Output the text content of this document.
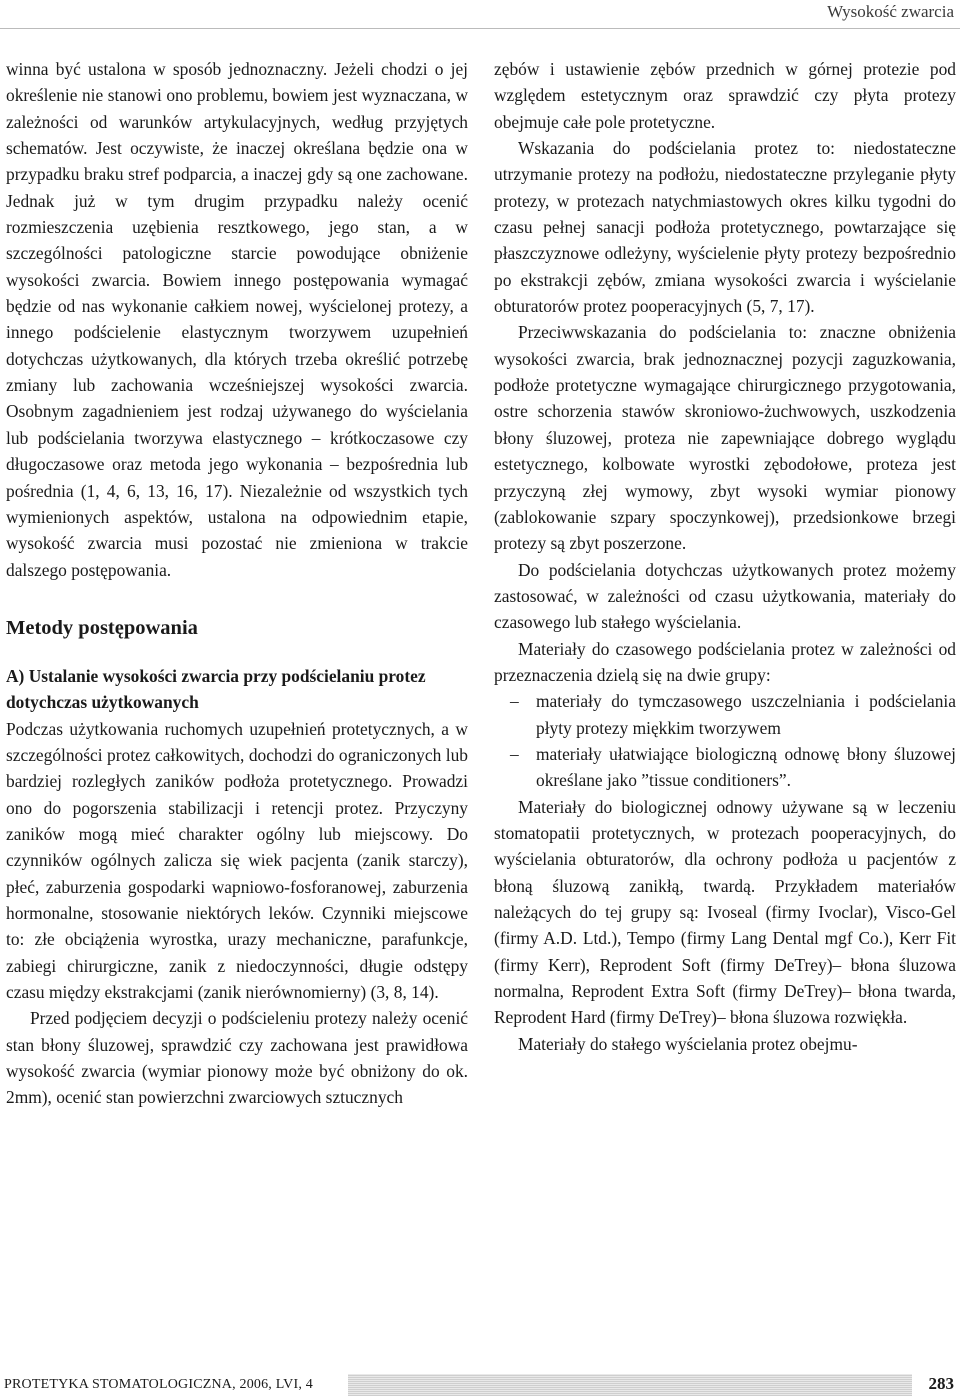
Wysokość zwarcia

winna być ustalona w sposób jednoznaczny. Jeżeli chodzi o jej określenie nie stanowi ono problemu, bowiem jest wyznaczana, w zależności od warunków artykulacyjnych, według przyjętych schematów. Jest oczywiste, że inaczej określana będzie ona w przypadku braku stref podparcia, a inaczej gdy są one zachowane. Jednak już w tym drugim przypadku należy ocenić rozmieszczenia uzębienia resztkowego, jego stan, a w szczególności patologiczne starcie powodujące obniżenie wysokości zwarcia. Bowiem innego postępowania wymagać będzie od nas wykonanie całkiem nowej, wyścielonej protezy, a innego podścielenie elastycznym tworzywem uzupełnień dotychczas użytkowanych, dla których trzeba określić potrzebę zmiany lub zachowania wcześniejszej wysokości zwarcia. Osobnym zagadnieniem jest rodzaj używanego do wyścielania lub podścielania tworzywa elastycznego – krótkoczasowe czy długoczasowe oraz metoda jego wykonania – bezpośrednia lub pośrednia (1, 4, 6, 13, 16, 17). Niezależnie od wszystkich tych wymienionych aspektów, ustalona na odpowiednim etapie, wysokość zwarcia musi pozostać nie zmieniona w trakcie dalszego postępowania.

Metody postępowania
A) Ustalanie wysokości zwarcia przy podścielaniu protez dotychczas użytkowanych

Podczas użytkowania ruchomych uzupełnień protetycznych, a w szczególności protez całkowitych, dochodzi do ograniczonych lub bardziej rozległych zaników podłoża protetycznego. Prowadzi ono do pogorszenia stabilizacji i retencji protez. Przyczyny zaników mogą mieć charakter ogólny lub miejscowy. Do czynników ogólnych zalicza się wiek pacjenta (zanik starczy), płeć, zaburzenia gospodarki wapniowo-fosforanowej, zaburzenia hormonalne, stosowanie niektórych leków. Czynniki miejscowe to: złe obciążenia wyrostka, urazy mechaniczne, parafunkcje, zabiegi chirurgiczne, zanik z niedoczynności, długie odstępy czasu między ekstrakcjami (zanik nierównomierny) (3, 8, 14).

Przed podjęciem decyzji o podścieleniu protezy należy ocenić stan błony śluzowej, sprawdzić czy zachowana jest prawidłowa wysokość zwarcia (wymiar pionowy może być obniżony do ok. 2mm), ocenić stan powierzchni zwarciowych sztucznych

zębów i ustawienie zębów przednich w górnej protezie pod względem estetycznym oraz sprawdzić czy płyta protezy obejmuje całe pole protetyczne.

Wskazania do podścielania protez to: niedostateczne utrzymanie protezy na podłożu, niedostateczne przyleganie płyty protezy, w protezach natychmiastowych okres kilku tygodni do czasu pełnej sanacji podłoża protetycznego, powtarzające się płaszczyznowe odleżyny, wyścielenie płyty protezy bezpośrednio po ekstrakcji zębów, zmiana wysokości zwarcia i wyścielanie obturatorów protez pooperacyjnych (5, 7, 17).

Przeciwwskazania do podścielania to: znaczne obniżenia wysokości zwarcia, brak jednoznacznej pozycji zaguzkowania, podłoże protetyczne wymagające chirurgicznego przygotowania, ostre schorzenia stawów skroniowo-żuchwowych, uszkodzenia błony śluzowej, proteza nie zapewniające dobrego wyglądu estetycznego, kolbowate wyrostki zębodołowe, proteza jest przyczyną złej wymowy, zbyt wysoki wymiar pionowy (zablokowanie szpary spoczynkowej), przedsionkowe brzegi protezy są zbyt poszerzone.

Do podścielania dotychczas użytkowanych protez możemy zastosować, w zależności od czasu użytkowania, materiały do czasowego lub stałego wyścielania.

Materiały do czasowego podścielania protez w zależności od przeznaczenia dzielą się na dwie grupy:

– materiały do tymczasowego uszczelniania i podścielania płyty protezy miękkim tworzywem
– materiały ułatwiające biologiczną odnowę błony śluzowej określane jako ”tissue conditioners”.

Materiały do biologicznej odnowy używane są w leczeniu stomatopatii protetycznych, w protezach pooperacyjnych, do wyścielania obturatorów, dla ochrony podłoża u pacjentów z błoną śluzową zanikłą, twardą. Przykładem materiałów należących do tej grupy są: Ivoseal (firmy Ivoclar), Visco-Gel (firmy A.D. Ltd.), Tempo (firmy Lang Dental mgf Co.), Kerr Fit (firmy Kerr), Reprodent Soft (firmy DeTrey)– błona śluzowa normalna, Reprodent Extra Soft (firmy DeTrey)– błona twarda, Reprodent Hard (firmy DeTrey)– błona śluzowa rozwiękła.

Materiały do stałego wyścielania protez obejmu-

PROTETYKA STOMATOLOGICZNA, 2006, LVI, 4	283
